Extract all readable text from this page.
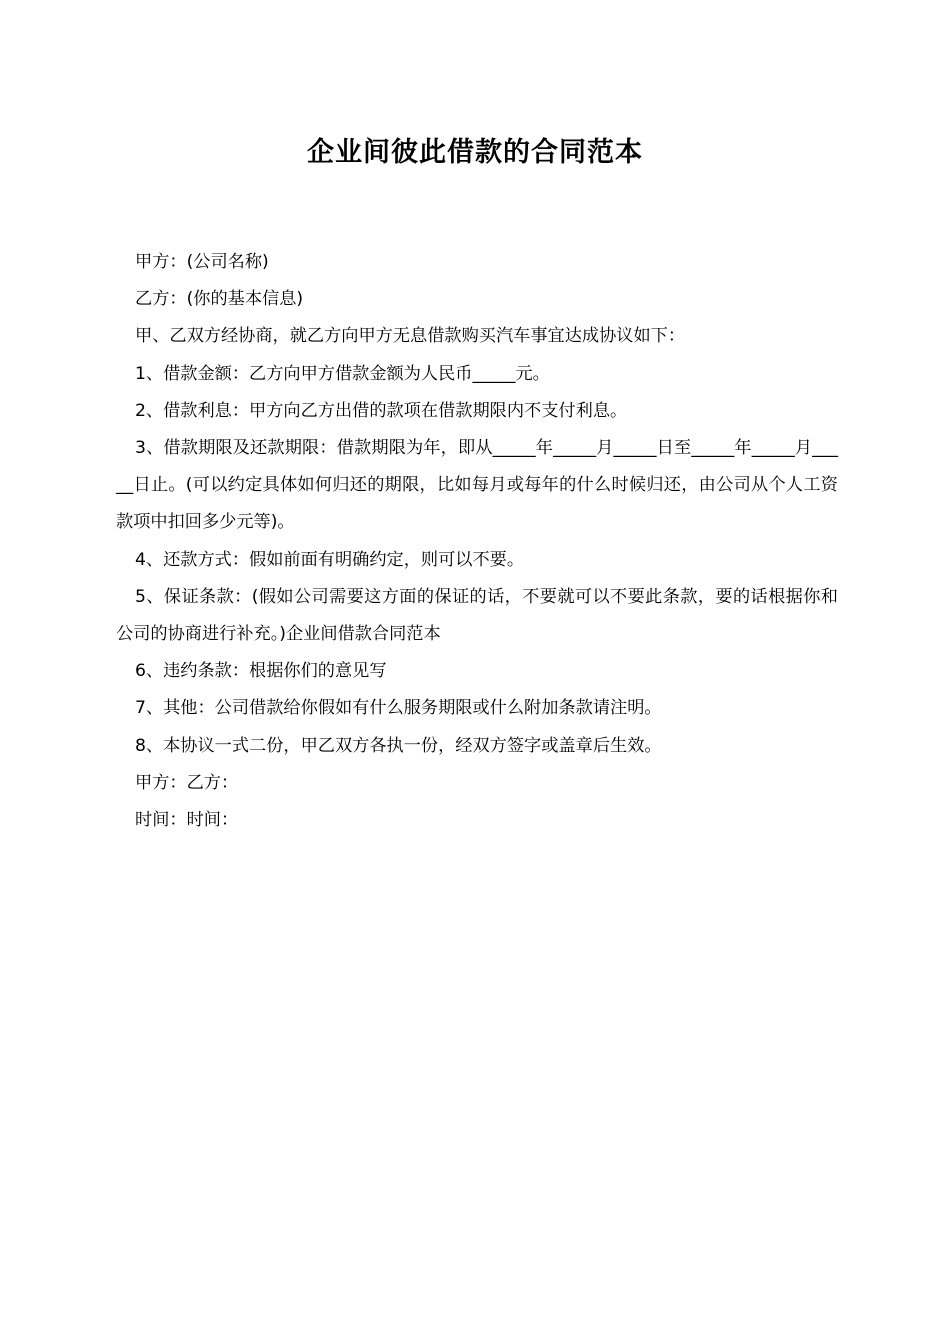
企业间彼此借款的合同范本

甲方：(公司名称)

乙方：(你的基本信息)

甲、乙双方经协商，就乙方向甲方无息借款购买汽车事宜达成协议如下：

1、借款金额：乙方向甲方借款金额为人民币_____元。

2、借款利息：甲方向乙方出借的款项在借款期限内不支付利息。

3、借款期限及还款期限：借款期限为年，即从_____年_____月_____日至_____年_____月_____日止。(可以约定具体如何归还的期限，比如每月或每年的什么时候归还，由公司从个人工资款项中扣回多少元等)。

4、还款方式：假如前面有明确约定，则可以不要。

5、保证条款：(假如公司需要这方面的保证的话，不要就可以不要此条款，要的话根据你和公司的协商进行补充。)企业间借款合同范本

6、违约条款：根据你们的意见写

7、其他：公司借款给你假如有什么服务期限或什么附加条款请注明。

8、本协议一式二份，甲乙双方各执一份，经双方签字或盖章后生效。

甲方：乙方：

时间：时间：
